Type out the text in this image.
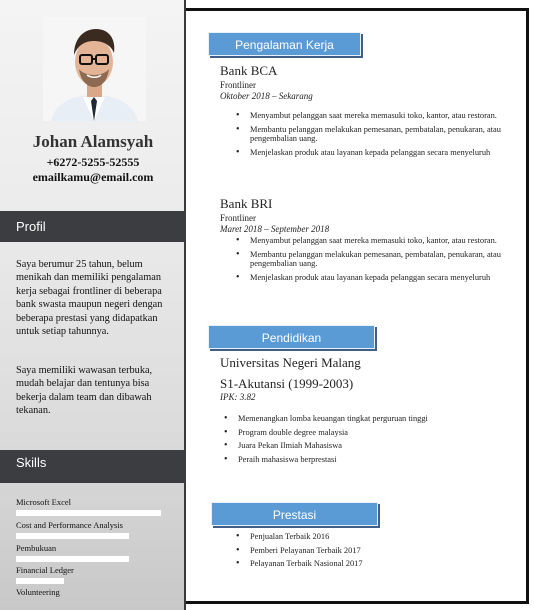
Johan Alamsyah
+6272-5255-52555
emailkamu@email.com
Profil
Saya berumur 25 tahun, belum menikah dan memiliki pengalaman kerja sebagai frontliner di beberapa bank swasta maupun negeri dengan beberapa prestasi yang didapatkan untuk setiap tahunnya.
Saya memiliki wawasan terbuka, mudah belajar dan tentunya bisa bekerja dalam team dan dibawah tekanan.
Skills
Microsoft Excel
Cost and Performance Analysis
Pembukuan
Financial Ledger
Volunteering
Pengalaman Kerja
Bank BCA
Frontliner
Oktober 2018 – Sekarang
• Menyambut pelanggan saat mereka memasuki toko, kantor, atau restoran.
• Membantu pelanggan melakukan pemesanan, pembatalan, penukaran, atau pengembalian uang.
• Menjelaskan produk atau layanan kepada pelanggan secara menyeluruh
Bank BRI
Frontliner
Maret 2018 – September 2018
• Menyambut pelanggan saat mereka memasuki toko, kantor, atau restoran.
• Membantu pelanggan melakukan pemesanan, pembatalan, penukaran, atau pengembalian uang.
• Menjelaskan produk atau layanan kepada pelanggan secara menyeluruh
Pendidikan
Universitas Negeri Malang
S1-Akutansi (1999-2003)
IPK: 3.82
• Memenangkan lomba keuangan tingkat perguruan tinggi
• Program double degree malaysia
• Juara Pekan Ilmiah Mahasiswa
• Peraih mahasiswa berprestasi
Prestasi
• Penjualan Terbaik 2016
• Pemberi Pelayanan Terbaik 2017
• Pelayanan Terbaik Nasional 2017
